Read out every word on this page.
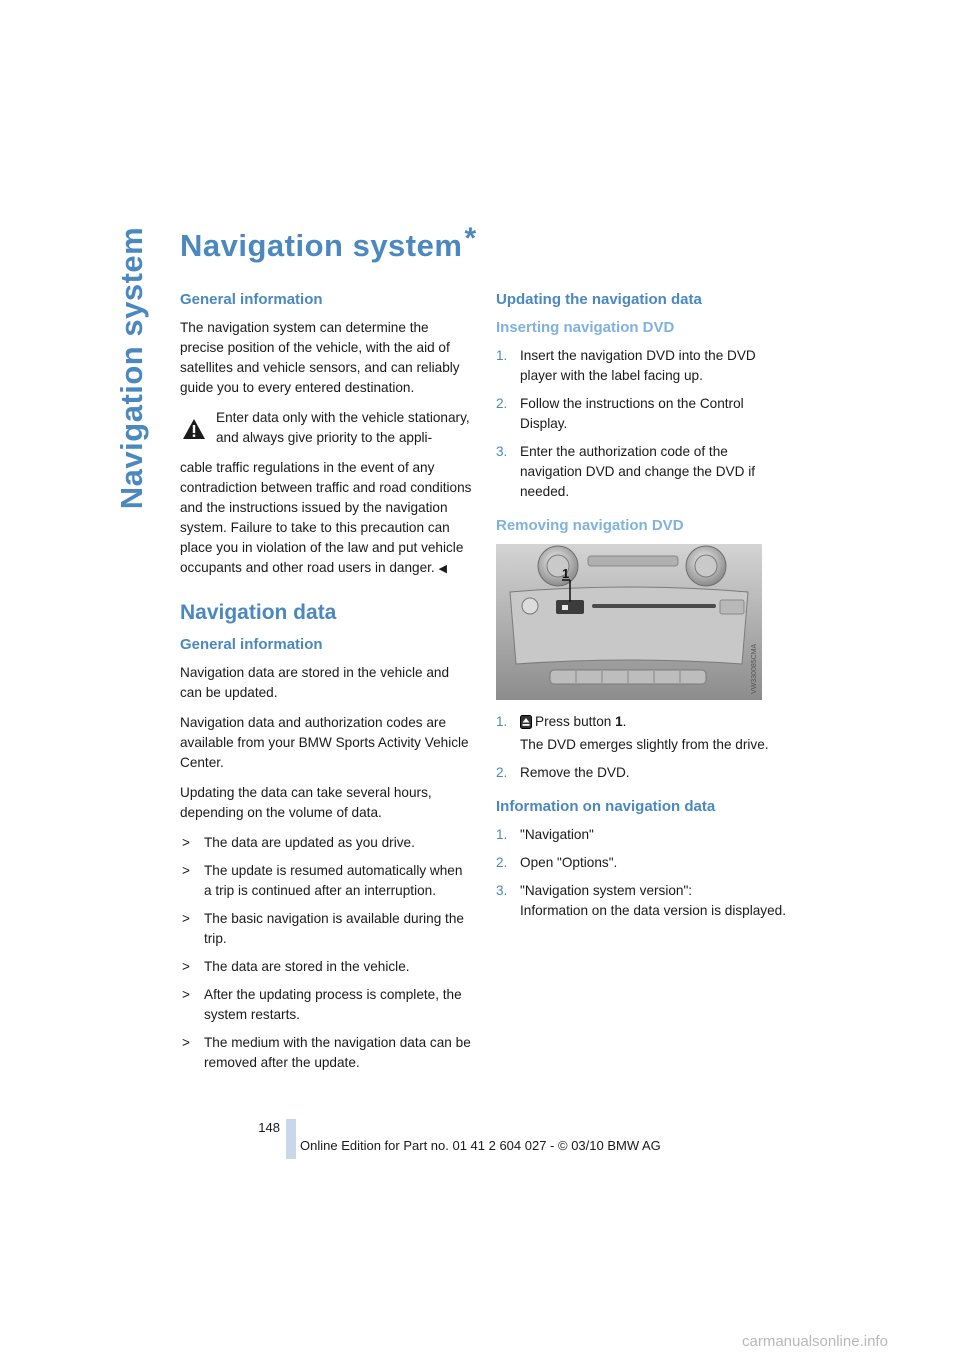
Navigation system Navigation system*
General information

The navigation system can determine the precise position of the vehicle, with the aid of satellites and vehicle sensors, and can reliably guide you to every entered destination.

Enter data only with the vehicle stationary, and always give priority to the appli-

cable traffic regulations in the event of any contradiction between traffic and road conditions and the instructions issued by the navigation system. Failure to take to this precaution can place you in violation of the law and put vehicle occupants and other road users in danger. ◀

Navigation data
General information

Navigation data are stored in the vehicle and can be updated.

Navigation data and authorization codes are available from your BMW Sports Activity Vehicle Center.

Updating the data can take several hours, depending on the volume of data.

> The data are updated as you drive.
> The update is resumed automatically when a trip is continued after an interruption.
> The basic navigation is available during the trip.
> The data are stored in the vehicle.
> After the updating process is complete, the system restarts.
> The medium with the navigation data can be removed after the update.
Updating the navigation data
Inserting navigation DVD
1. Insert the navigation DVD into the DVD player with the label facing up.
2. Follow the instructions on the Control Display.
3. Enter the authorization code of the navigation DVD and change the DVD if needed.
Removing navigation DVD
1
VW330085CMA
1. Press button 1.
The DVD emerges slightly from the drive.
2. Remove the DVD.
Information on navigation data
1. "Navigation"
2. Open "Options".
3. "Navigation system version":
Information on the data version is displayed.
148
Online Edition for Part no. 01 41 2 604 027 - © 03/10 BMW AG
carmanualsonline.info
